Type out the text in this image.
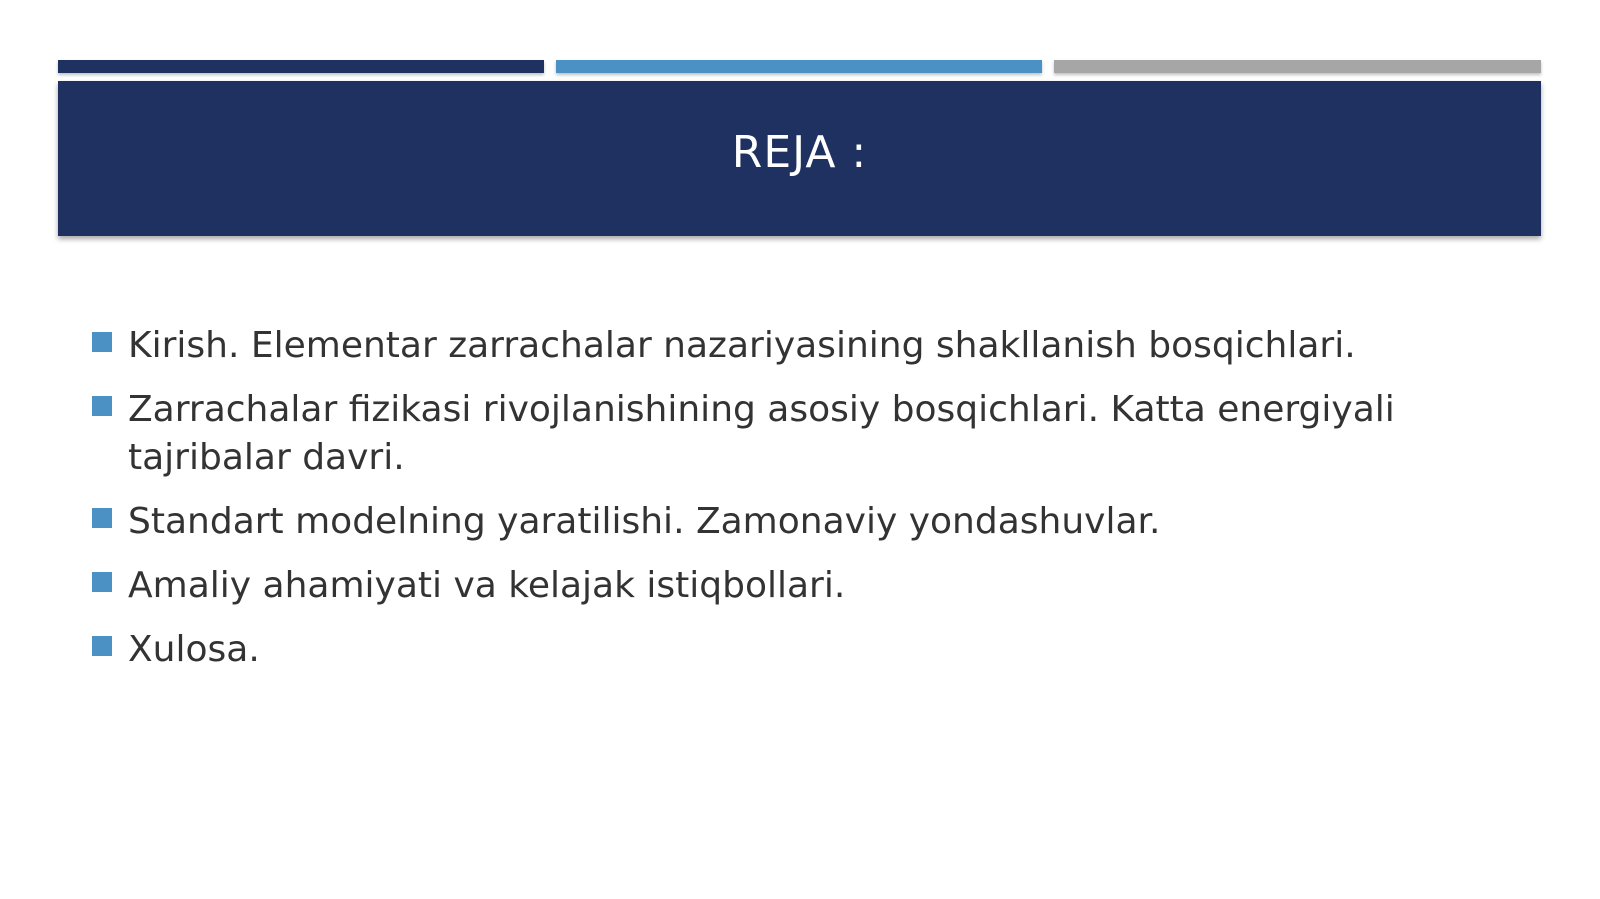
REJA :
Kirish. Elementar zarrachalar nazariyasining shakllanish bosqichlari.
Zarrachalar fizikasi rivojlanishining asosiy bosqichlari. Katta energiyali tajribalar davri.
Standart modelning yaratilishi. Zamonaviy yondashuvlar.
Amaliy ahamiyati va kelajak istiqbollari.
Xulosa.
